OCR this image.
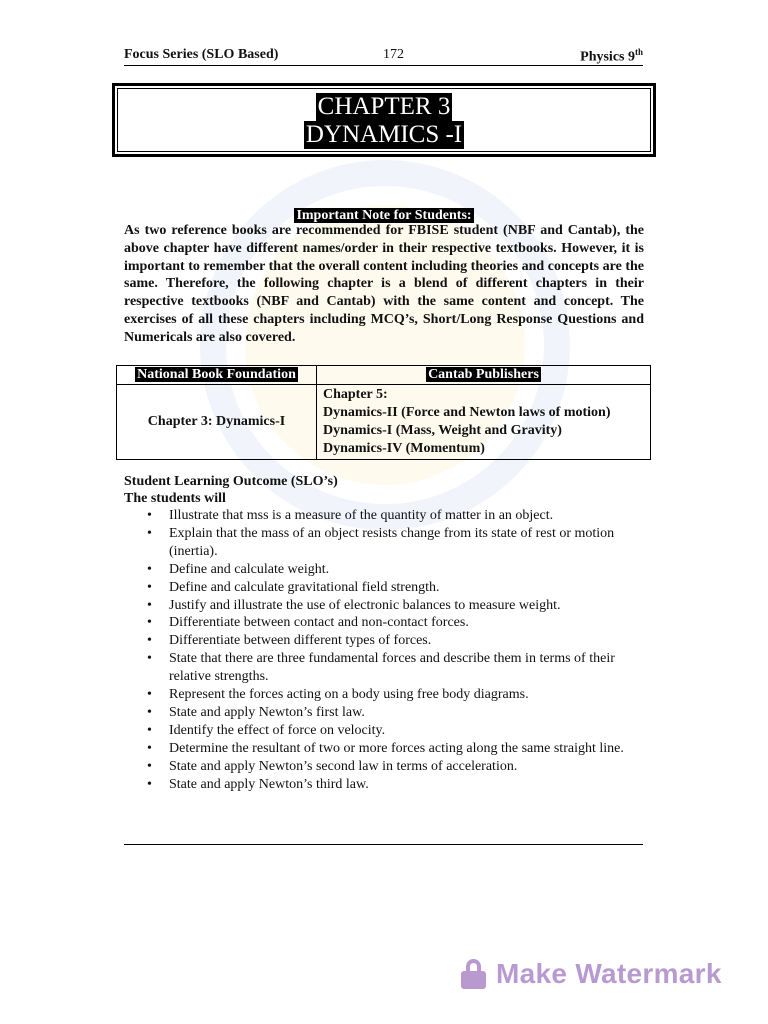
Focus Series (SLO Based)	172	Physics 9th
CHAPTER 3
DYNAMICS -I
Important Note for Students:
As two reference books are recommended for FBISE student (NBF and Cantab), the above chapter have different names/order in their respective textbooks. However, it is important to remember that the overall content including theories and concepts are the same. Therefore, the following chapter is a blend of different chapters in their respective textbooks (NBF and Cantab) with the same content and concept. The exercises of all these chapters including MCQ’s, Short/Long Response Questions and Numericals are also covered.
National Book Foundation	Cantab Publishers
Chapter 3: Dynamics-I	Chapter 5:
Dynamics-II (Force and Newton laws of motion)
Dynamics-I (Mass, Weight and Gravity)
Dynamics-IV (Momentum)
Student Learning Outcome (SLO’s)
The students will
• Illustrate that mss is a measure of the quantity of matter in an object.
• Explain that the mass of an object resists change from its state of rest or motion (inertia).
• Define and calculate weight.
• Define and calculate gravitational field strength.
• Justify and illustrate the use of electronic balances to measure weight.
• Differentiate between contact and non-contact forces.
• Differentiate between different types of forces.
• State that there are three fundamental forces and describe them in terms of their relative strengths.
• Represent the forces acting on a body using free body diagrams.
• State and apply Newton’s first law.
• Identify the effect of force on velocity.
• Determine the resultant of two or more forces acting along the same straight line.
• State and apply Newton’s second law in terms of acceleration.
• State and apply Newton’s third law.
Make Watermark
